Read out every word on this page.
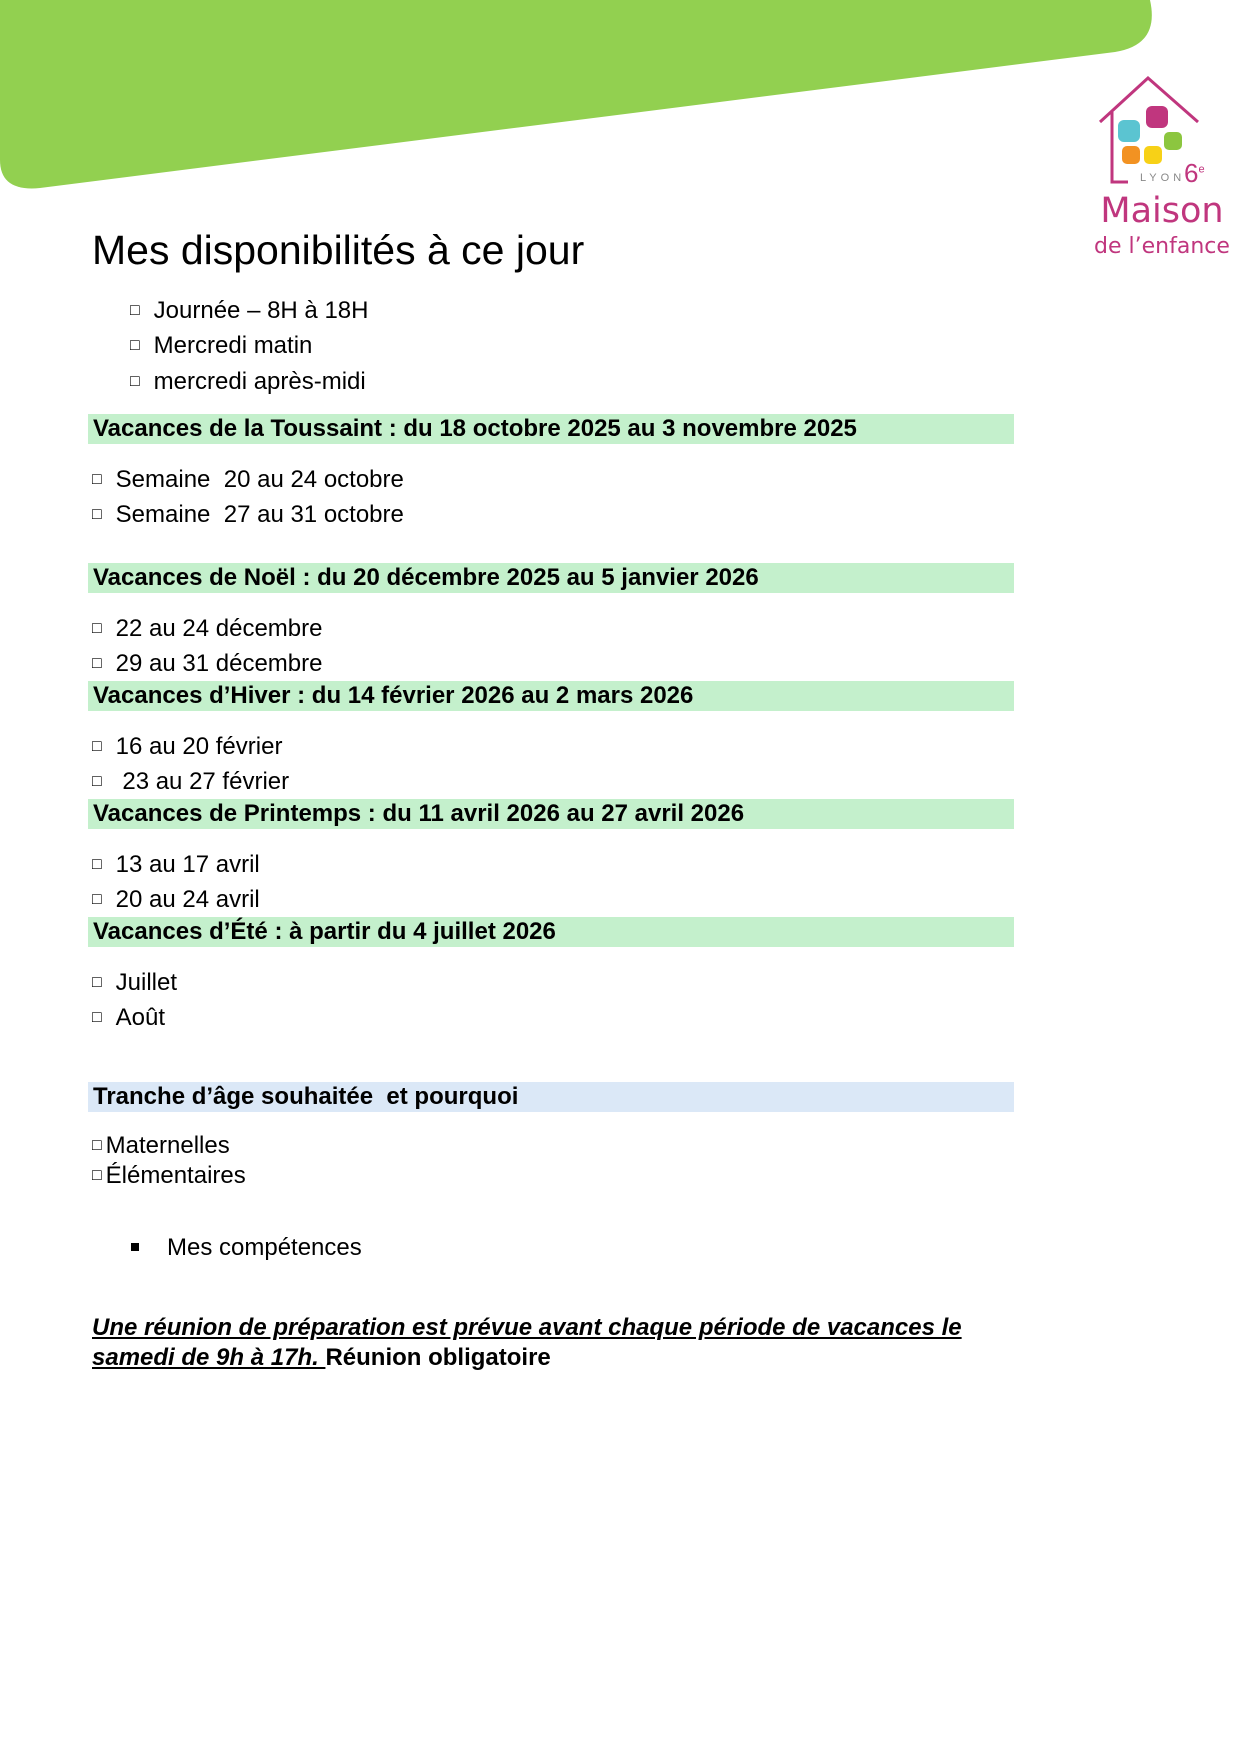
LYON
6e
Maison
de l’enfance
Mes disponibilités à ce jour
□ Journée – 8H à 18H
□ Mercredi matin
□ mercredi après-midi
Vacances de la Toussaint : du 18 octobre 2025 au 3 novembre 2025
□ Semaine  20 au 24 octobre
□ Semaine  27 au 31 octobre
Vacances de Noël : du 20 décembre 2025 au 5 janvier 2026
□ 22 au 24 décembre
□ 29 au 31 décembre
Vacances d’Hiver : du 14 février 2026 au 2 mars 2026
□ 16 au 20 février
□ 23 au 27 février
Vacances de Printemps : du 11 avril 2026 au 27 avril 2026
□ 13 au 17 avril
□ 20 au 24 avril
Vacances d’Été : à partir du 4 juillet 2026
□ Juillet
□ Août
Tranche d’âge souhaitée  et pourquoi
□ Maternelles
□ Élémentaires
Mes compétences
Une réunion de préparation est prévue avant chaque période de vacances le samedi de 9h à 17h. Réunion obligatoire
